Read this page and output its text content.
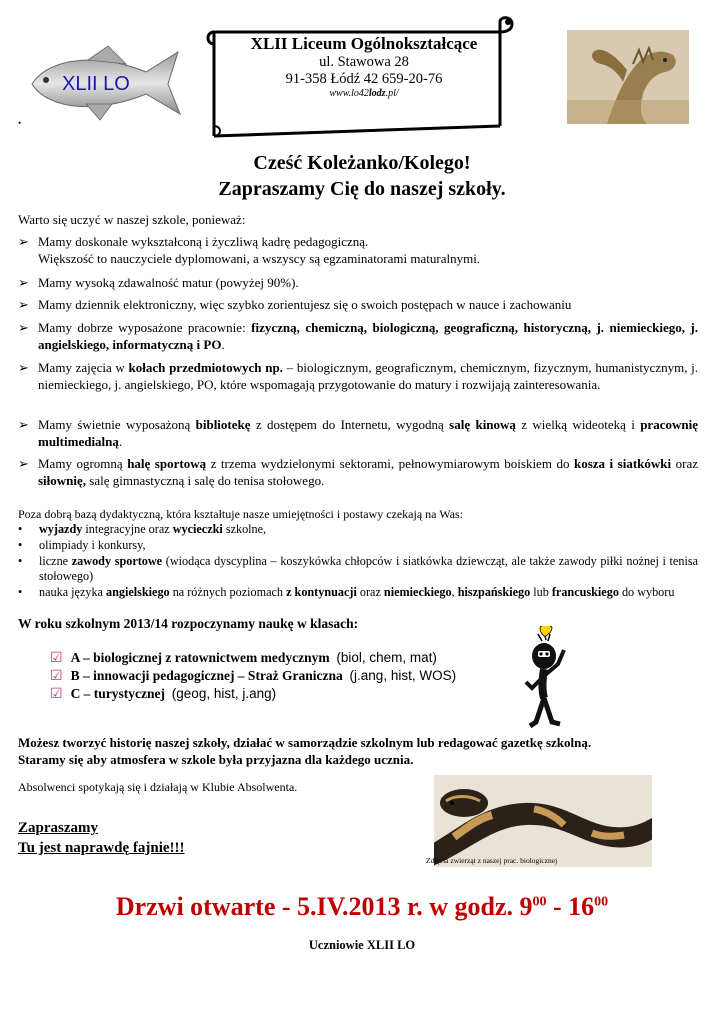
XLII LO
•
XLII Liceum Ogólnokształcące
ul. Stawowa 28
91-358 Łódź 42 659-20-76
www.lo42lodz.pl/
Cześć Koleżanko/Kolego!
Zapraszamy Cię do naszej szkoły.
Warto się uczyć w naszej szkole, ponieważ:
➢ Mamy doskonale wykształconą i życzliwą kadrę pedagogiczną.
Większość to nauczyciele dyplomowani, a wszyscy są egzaminatorami maturalnymi.
➢ Mamy wysoką zdawalność matur (powyżej 90%).
➢ Mamy dziennik elektroniczny, więc szybko zorientujesz się o swoich postępach w nauce i zachowaniu
➢ Mamy dobrze wyposażone pracownie: fizyczną, chemiczną, biologiczną, geograficzną, historyczną, j. niemieckiego, j. angielskiego, informatyczną i PO.
➢ Mamy zajęcia w kołach przedmiotowych np. – biologicznym, geograficznym, chemicznym, fizycznym, humanistycznym, j. niemieckiego, j. angielskiego, PO, które wspomagają przygotowanie do matury i rozwijają zainteresowania.
➢ Mamy świetnie wyposażoną bibliotekę z dostępem do Internetu, wygodną salę kinową z wielką wideoteką i pracownię multimedialną.
➢ Mamy ogromną halę sportową z trzema wydzielonymi sektorami, pełnowymiarowym boiskiem do kosza i siatkówki oraz siłownię, salę gimnastyczną i salę do tenisa stołowego.
Poza dobrą bazą dydaktyczną, która kształtuje nasze umiejętności i postawy czekają na Was:
•	wyjazdy integracyjne oraz wycieczki szkolne,
•	olimpiady i konkursy,
•	liczne zawody sportowe (wiodąca dyscyplina – koszykówka chłopców i siatkówka dziewcząt, ale także zawody piłki nożnej i tenisa stołowego)
•	nauka języka angielskiego na różnych poziomach z kontynuacji oraz niemieckiego, hiszpańskiego lub francuskiego do wyboru
W roku szkolnym 2013/14 rozpoczynamy naukę w klasach:
☑ A – biologicznej z ratownictwem medycznym (biol, chem, mat)
☑ B – innowacji pedagogicznej – Straż Graniczna (j.ang, hist, WOS)
☑ C – turystycznej (geog, hist, j.ang)
Możesz tworzyć historię naszej szkoły, działać w samorządzie szkolnym lub redagować gazetkę szkolną.
Staramy się aby atmosfera w szkole była przyjazna dla każdego ucznia.
Absolwenci spotykają się i działają w Klubie Absolwenta.
Zdjęcia zwierząt z naszej prac. biologicznej
Zapraszamy
Tu jest naprawdę fajnie!!!
Drzwi otwarte - 5.IV.2013 r. w godz. $9^{00} - 16^{00}$
Uczniowie XLII LO
